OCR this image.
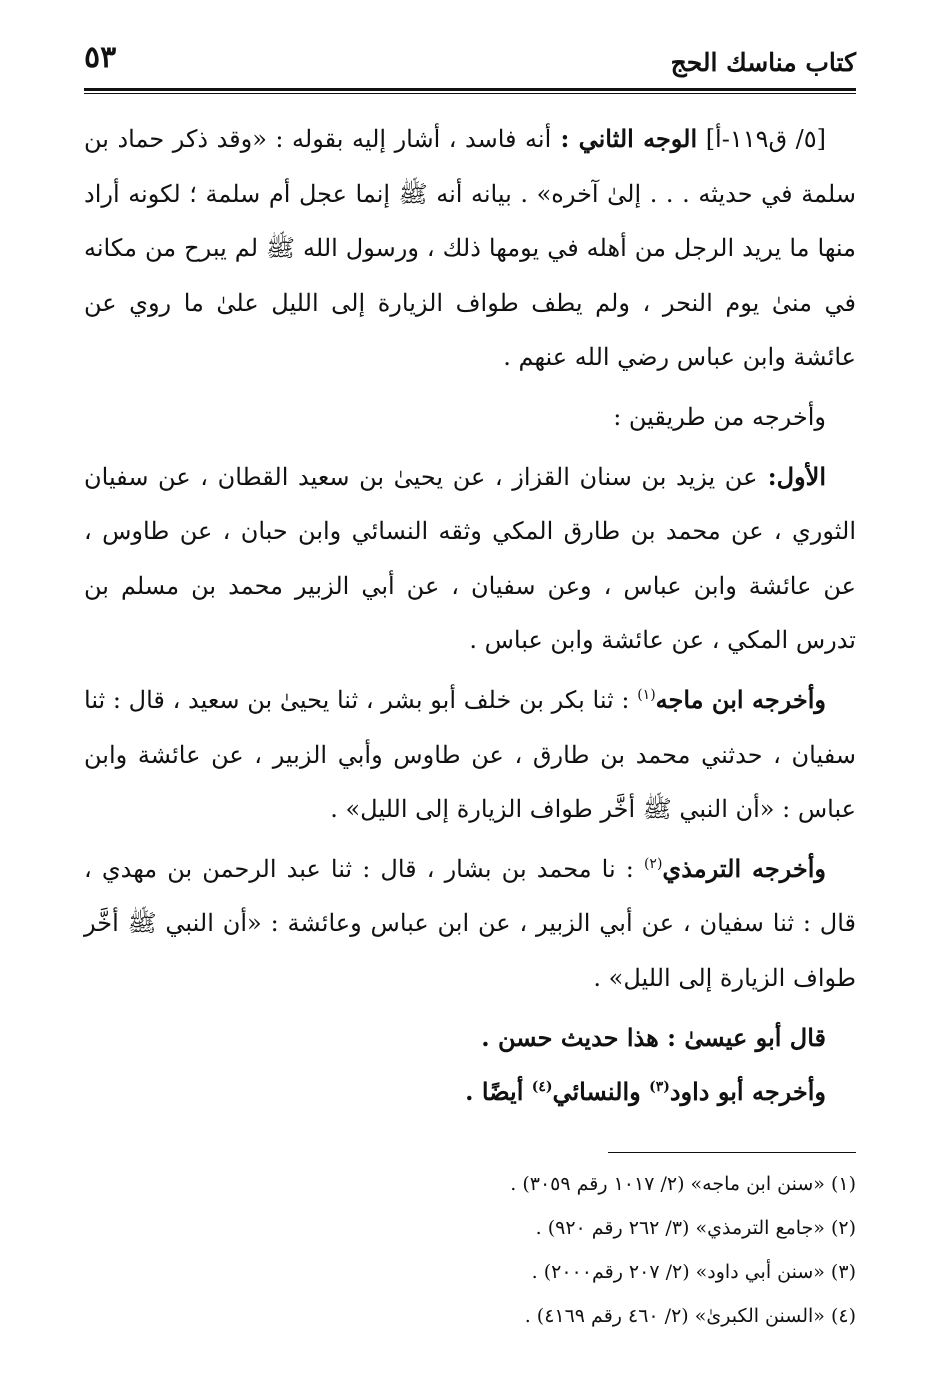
كتاب مناسك الحج
٥٣

[٥/ ق١١٩-أ] الوجه الثاني : أنه فاسد ، أشار إليه بقوله : «وقد ذكر حماد بن سلمة في حديثه . . . إلىٰ آخره» . بيانه أنه ﷺ إنما عجل أم سلمة ؛ لكونه أراد منها ما يريد الرجل من أهله في يومها ذلك ، ورسول الله ﷺ لم يبرح من مكانه في منىٰ يوم النحر ، ولم يطف طواف الزيارة إلى الليل علىٰ ما روي عن عائشة وابن عباس رضي الله عنهم .

وأخرجه من طريقين :

الأول: عن يزيد بن سنان القزاز ، عن يحيىٰ بن سعيد القطان ، عن سفيان الثوري ، عن محمد بن طارق المكي وثقه النسائي وابن حبان ، عن طاوس ، عن عائشة وابن عباس ، وعن سفيان ، عن أبي الزبير محمد بن مسلم بن تدرس المكي ، عن عائشة وابن عباس .

وأخرجه ابن ماجه$^{(١)}$ : ثنا بكر بن خلف أبو بشر ، ثنا يحيىٰ بن سعيد ، قال : ثنا سفيان ، حدثني محمد بن طارق ، عن طاوس وأبي الزبير ، عن عائشة وابن عباس : «أن النبي ﷺ أخَّر طواف الزيارة إلى الليل» .

وأخرجه الترمذي$^{(٢)}$ : نا محمد بن بشار ، قال : ثنا عبد الرحمن بن مهدي ، قال : ثنا سفيان ، عن أبي الزبير ، عن ابن عباس وعائشة : «أن النبي ﷺ أخَّر طواف الزيارة إلى الليل» .

قال أبو عيسىٰ : هذا حديث حسن .

وأخرجه أبو داود$^{(٣)}$ والنسائي$^{(٤)}$ أيضًا .

(١) «سنن ابن ماجه» (٢/ ١٠١٧ رقم ٣٠٥٩) .
(٢) «جامع الترمذي» (٣/ ٢٦٢ رقم ٩٢٠) .
(٣) «سنن أبي داود» (٢/ ٢٠٧ رقم٢٠٠٠) .
(٤) «السنن الكبرىٰ» (٢/ ٤٦٠ رقم ٤١٦٩) .
